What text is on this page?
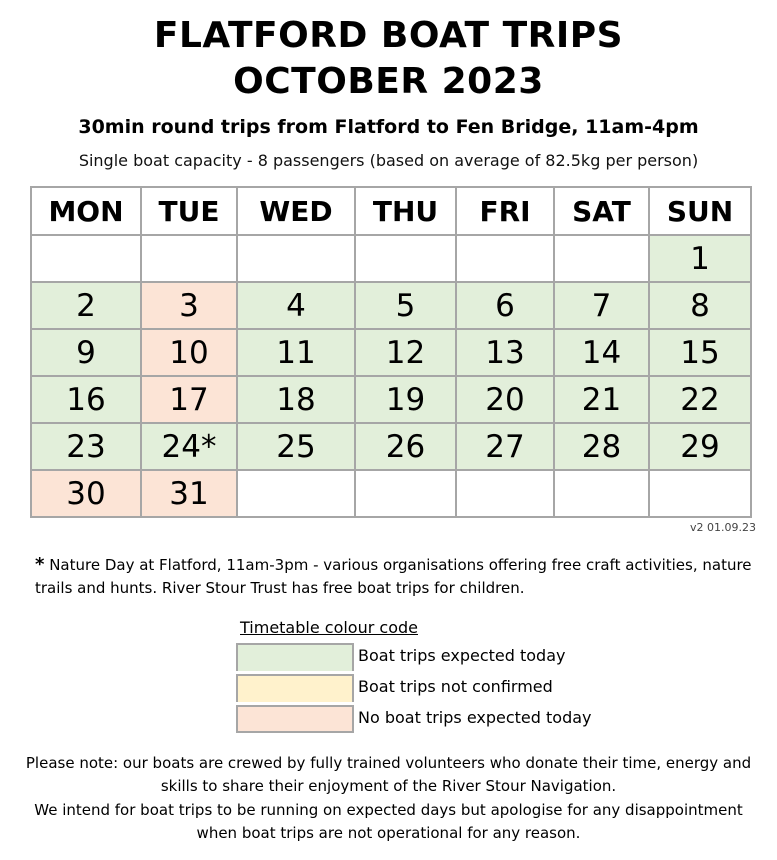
FLATFORD BOAT TRIPS
OCTOBER 2023
30min round trips from Flatford to Fen Bridge, 11am-4pm
Single boat capacity - 8 passengers (based on average of 82.5kg per person)
MON	TUE	WED	THU	FRI	SAT	SUN
						1
2	3	4	5	6	7	8
9	10	11	12	13	14	15
16	17	18	19	20	21	22
23	24*	25	26	27	28	29
30	31					
v2 01.09.23
* Nature Day at Flatford, 11am-3pm - various organisations offering free craft activities, nature trails and hunts. River Stour Trust has free boat trips for children.
Timetable colour code
Boat trips expected today
Boat trips not confirmed
No boat trips expected today
Please note: our boats are crewed by fully trained volunteers who donate their time, energy and skills to share their enjoyment of the River Stour Navigation.
We intend for boat trips to be running on expected days but apologise for any disappointment when boat trips are not operational for any reason.
